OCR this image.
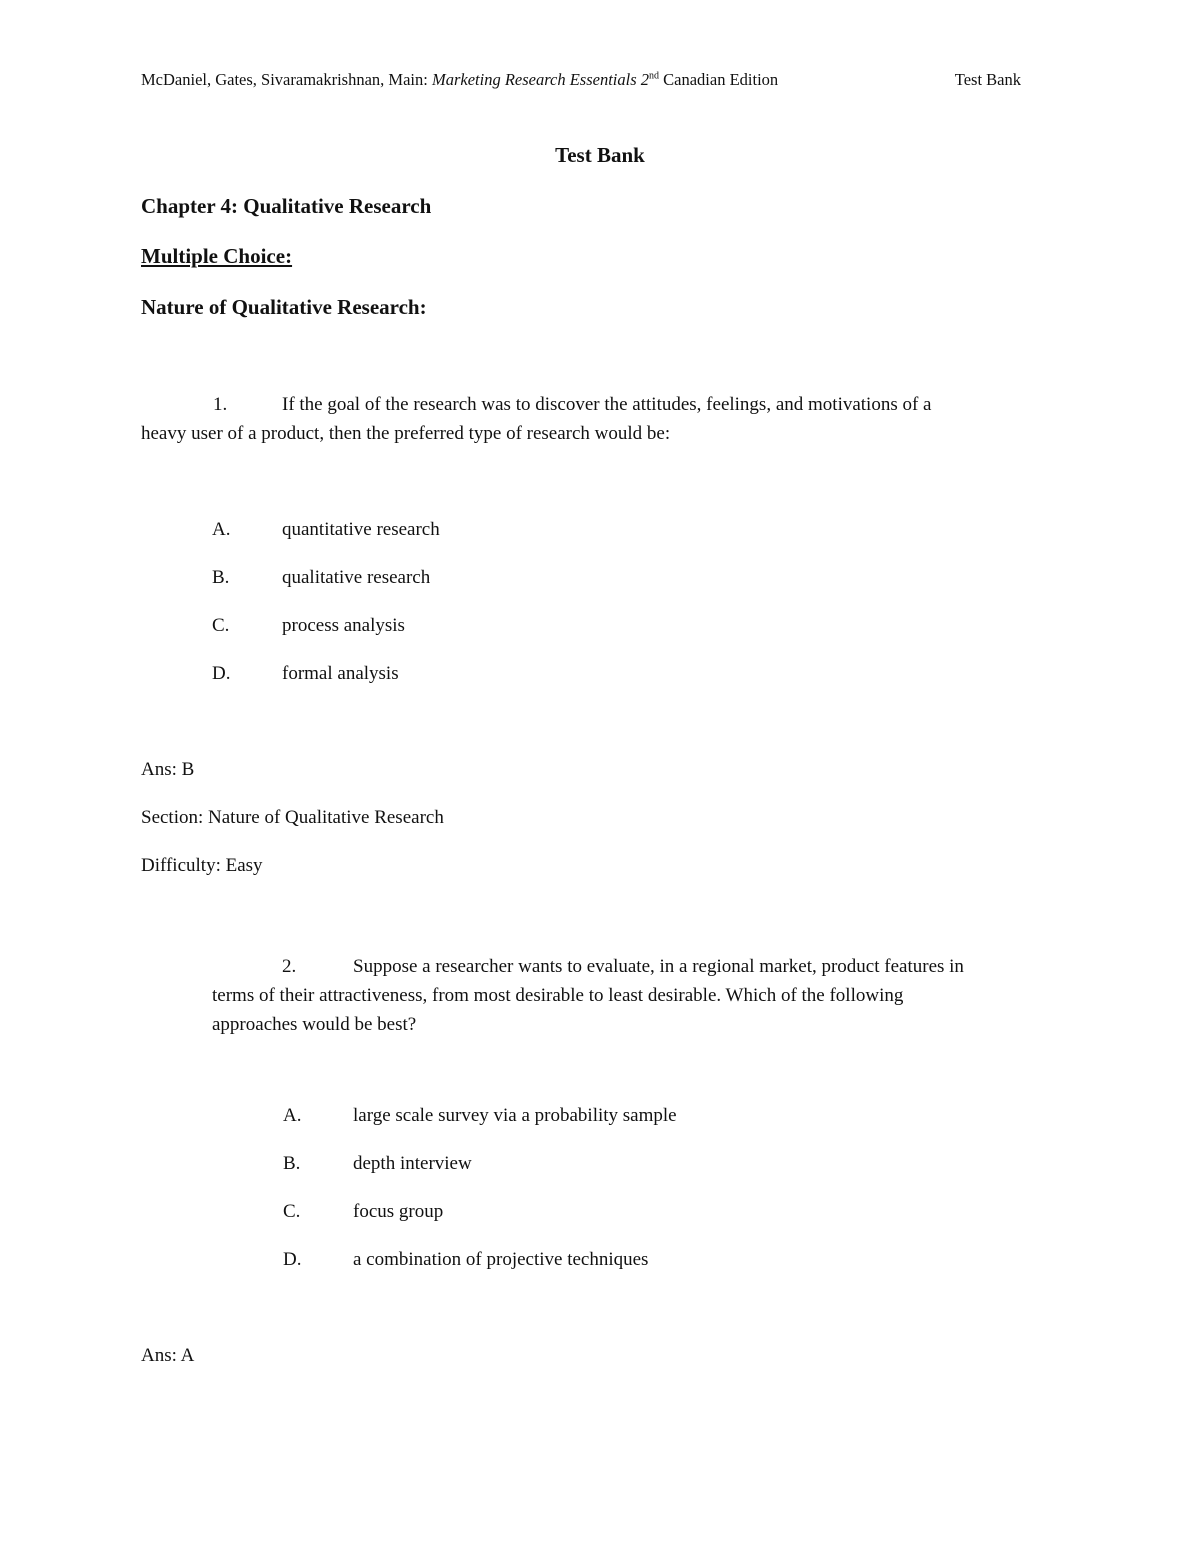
McDaniel, Gates, Sivaramakrishnan, Main: Marketing Research Essentials 2nd Canadian Edition	Test Bank
Test Bank
Chapter 4: Qualitative Research
Multiple Choice:
Nature of Qualitative Research:
1.	If the goal of the research was to discover the attitudes, feelings, and motivations of a
heavy user of a product, then the preferred type of research would be:
A.	quantitative research
B.	qualitative research
C.	process analysis
D.	formal analysis
Ans: B
Section: Nature of Qualitative Research
Difficulty: Easy
2.	Suppose a researcher wants to evaluate, in a regional market, product features in
terms of their attractiveness, from most desirable to least desirable. Which of the following
approaches would be best?
A.	large scale survey via a probability sample
B.	depth interview
C.	focus group
D.	a combination of projective techniques
Ans: A
